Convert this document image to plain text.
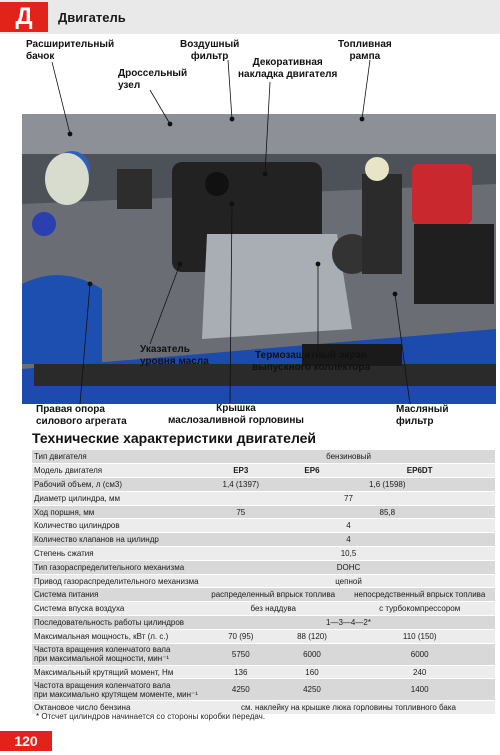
Д	Двигатель
Расширительный
бачок
Воздушный
фильтр
Топливная
рампа
Дроссельный
узел
Декоративная
накладка двигателя
Указатель
уровня масла	Термозащитный экран
выпускного коллектора
Правая опора
силового агрегата
Крышка
маслозаливной горловины
Масляный
фильтр
Технические характеристики двигателей
Тип двигателя	бензиновый		
Модель двигателя	EP3	EP6	EP6DT
Рабочий объем, л (см3)	1,4 (1397)	1,6 (1598)	
Диаметр цилиндра, мм	77		
Ход поршня, мм	75	85,8	
Количество цилиндров	4		
Количество клапанов на цилиндр	4		
Степень сжатия	10,5		
Тип газораспределительного механизма	DOHC		
Привод газораспределительного механизма	цепной		
Система питания	распределенный впрыск топлива		непосредственный впрыск топлива
Система впуска воздуха	без наддува		с турбокомпрессором
Последовательность работы цилиндров	1—3—4—2*		
Максимальная мощность, кВт (л. с.)	70 (95)	88 (120)	110 (150)
Частота вращения коленчатого вала
при максимальной мощности, мин⁻¹	5750	6000	6000
Максимальный крутящий момент, Нм	136	160	240
Частота вращения коленчатого вала
при максимально крутящем моменте, мин⁻¹	4250	4250	1400
Октановое число бензина	см. наклейку на крышке люка горловины топливного бака		
* Отсчет цилиндров начинается со стороны коробки передач.
120
